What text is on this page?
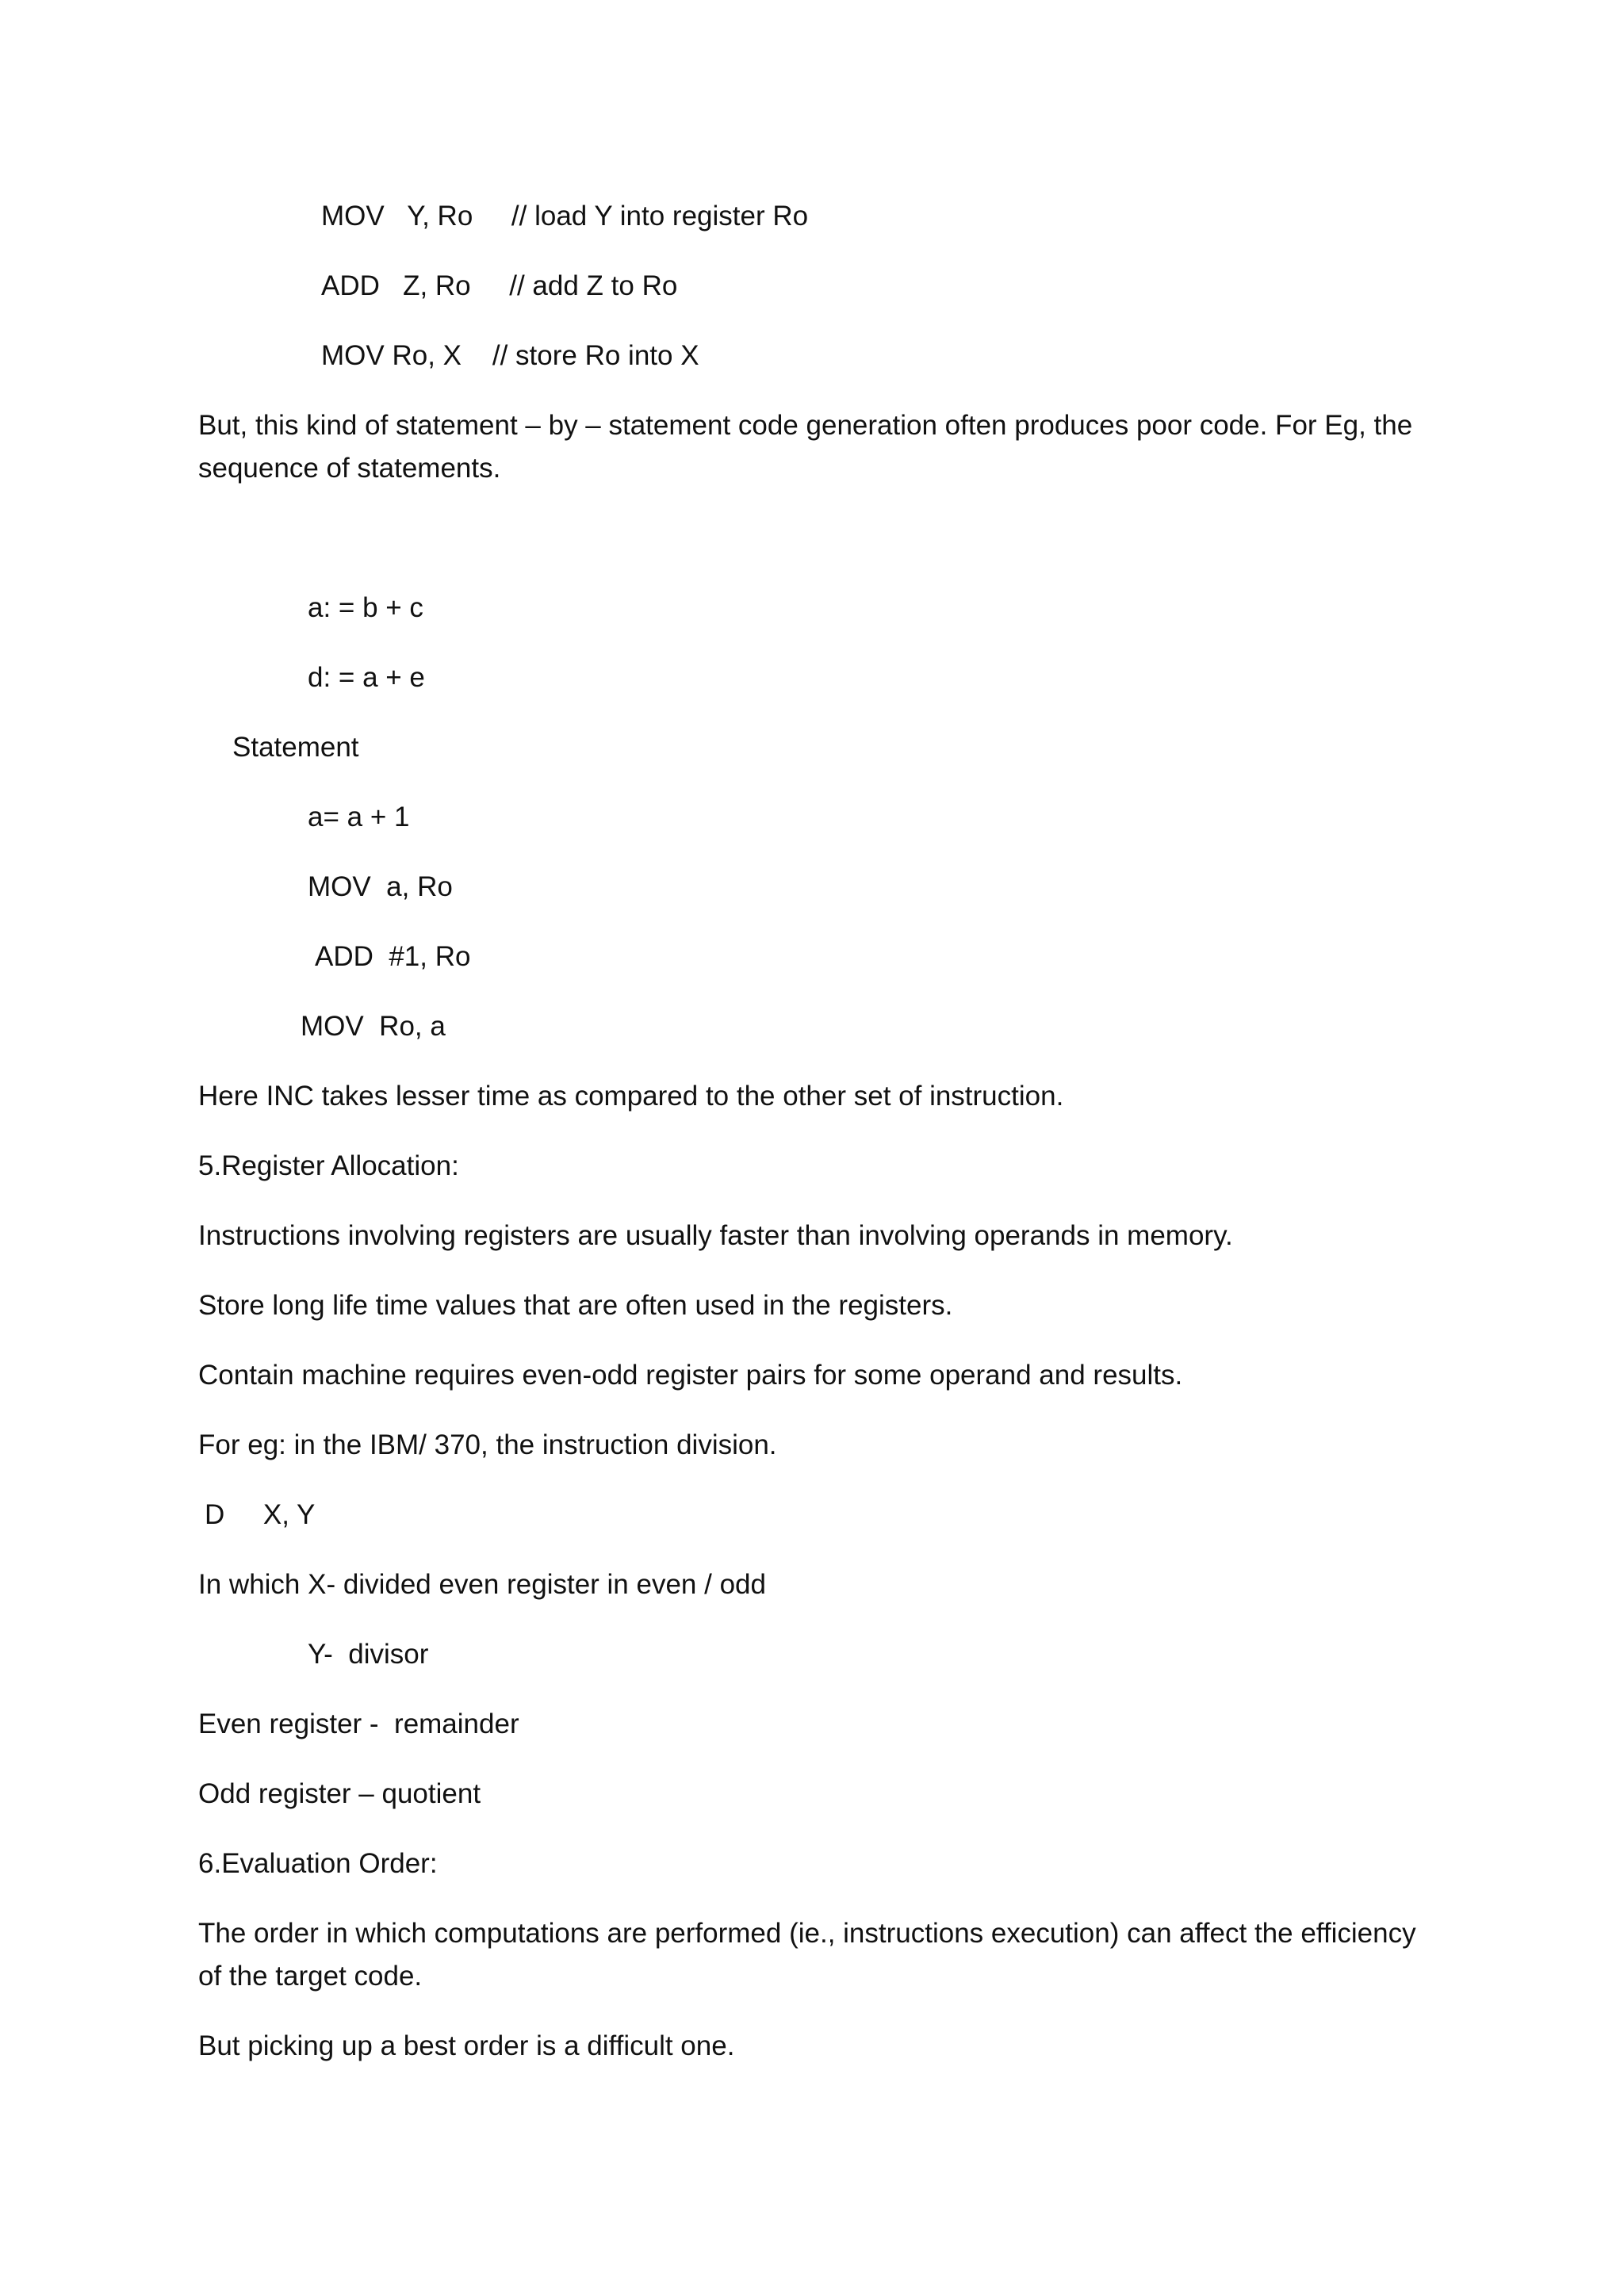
MOV   Y, Ro     // load Y into register Ro
ADD   Z, Ro     // add Z to Ro
MOV Ro, X    // store Ro into X

But, this kind of statement – by – statement code generation often produces poor code. For Eg, the sequence of statements.

a: = b + c
d: = a + e
Statement
a= a + 1
MOV  a, Ro
ADD  #1, Ro
MOV  Ro, a
Here INC takes lesser time as compared to the other set of instruction.
5.Register Allocation:
Instructions involving registers are usually faster than involving operands in memory.
Store long life time values that are often used in the registers.
Contain machine requires even-odd register pairs for some operand and results.
For eg: in the IBM/ 370, the instruction division.
D     X, Y
In which X- divided even register in even / odd
Y-  divisor
Even register -  remainder
Odd register – quotient
6.Evaluation Order:

The order in which computations are performed (ie., instructions execution) can affect the efficiency of the target code.

But picking up a best order is a difficult one.
